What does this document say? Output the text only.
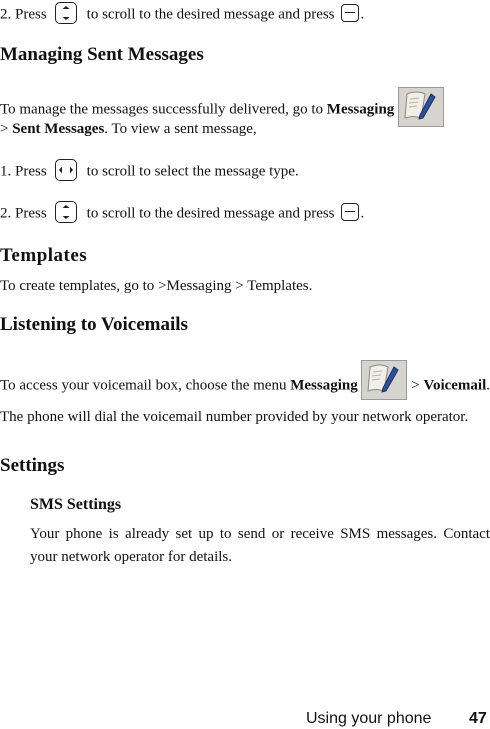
2. Press	to scroll to the desired message and press .
Managing Sent Messages
To manage the messages successfully delivered, go to Messaging
> Sent Messages. To view a sent message,
1. Press	to scroll to select the message type.
2. Press	to scroll to the desired message and press .
Templates
To create templates, go to >Messaging > Templates.
Listening to Voicemails
To access your voicemail box, choose the menu Messaging	> Voicemail. The phone will dial the voicemail number provided by your network operator.
Settings
SMS Settings
Your phone is already set up to send or receive SMS messages. Contact your network operator for details.
Using your phone 47
